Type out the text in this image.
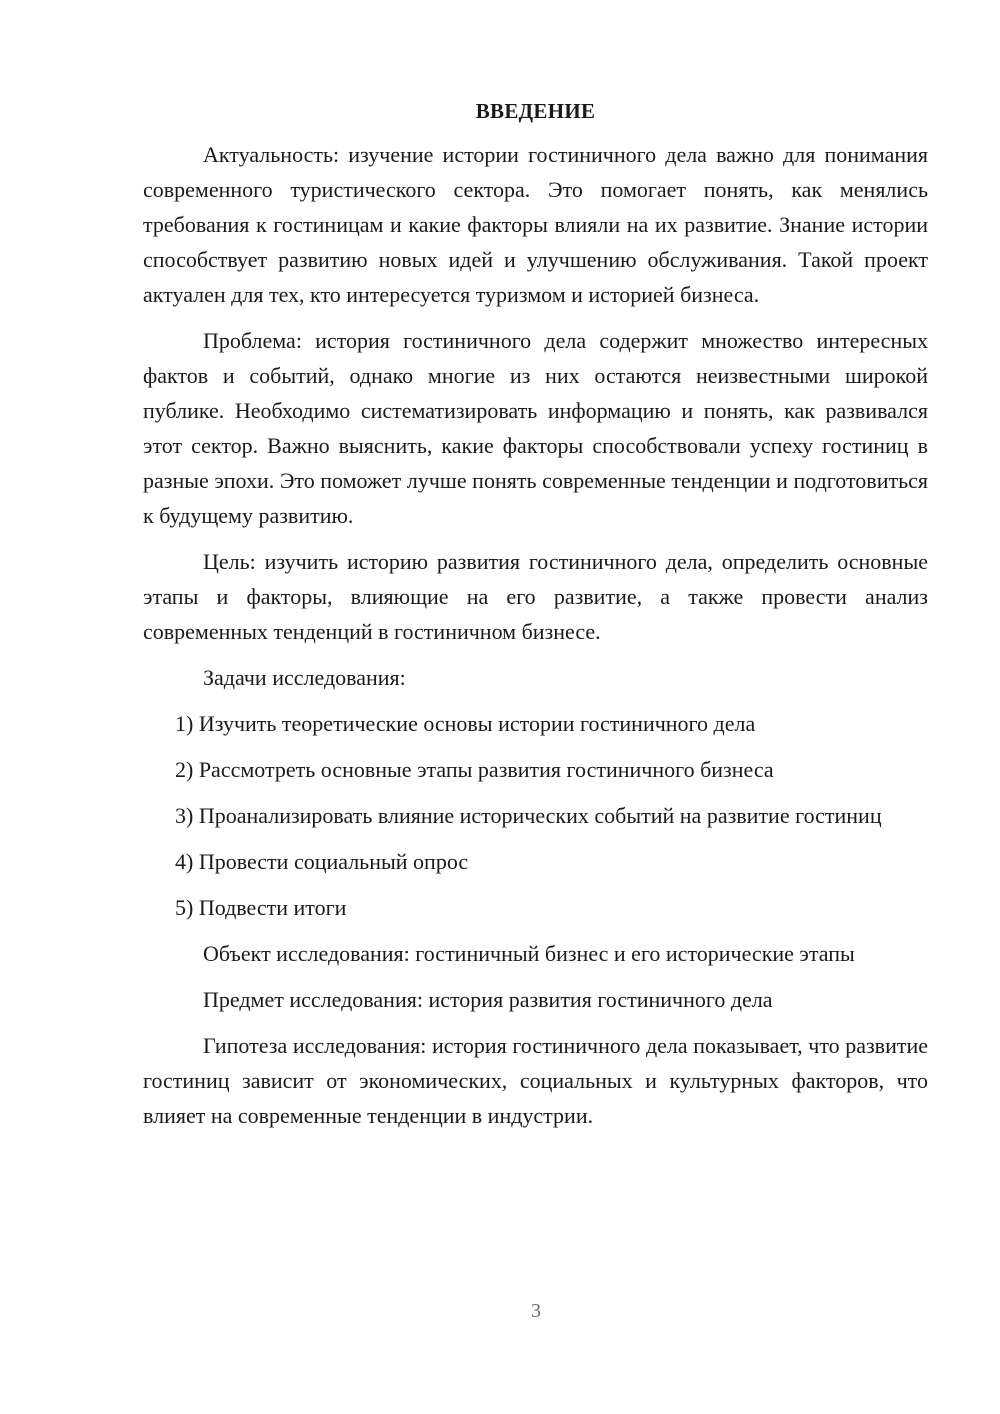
ВВЕДЕНИЕ

Актуальность: изучение истории гостиничного дела важно для понимания современного туристического сектора. Это помогает понять, как менялись требования к гостиницам и какие факторы влияли на их развитие. Знание истории способствует развитию новых идей и улучшению обслуживания. Такой проект актуален для тех, кто интересуется туризмом и историей бизнеса.

Проблема: история гостиничного дела содержит множество интересных фактов и событий, однако многие из них остаются неизвестными широкой публике. Необходимо систематизировать информацию и понять, как развивался этот сектор. Важно выяснить, какие факторы способствовали успеху гостиниц в разные эпохи. Это поможет лучше понять современные тенденции и подготовиться к будущему развитию.

Цель: изучить историю развития гостиничного дела, определить основные этапы и факторы, влияющие на его развитие, а также провести анализ современных тенденций в гостиничном бизнесе.

Задачи исследования:

1) Изучить теоретические основы истории гостиничного дела

2) Рассмотреть основные этапы развития гостиничного бизнеса

3) Проанализировать влияние исторических событий на развитие гостиниц

4) Провести социальный опрос

5) Подвести итоги

Объект исследования: гостиничный бизнес и его исторические этапы

Предмет исследования: история развития гостиничного дела

Гипотеза исследования: история гостиничного дела показывает, что развитие гостиниц зависит от экономических, социальных и культурных факторов, что влияет на современные тенденции в индустрии.

3
